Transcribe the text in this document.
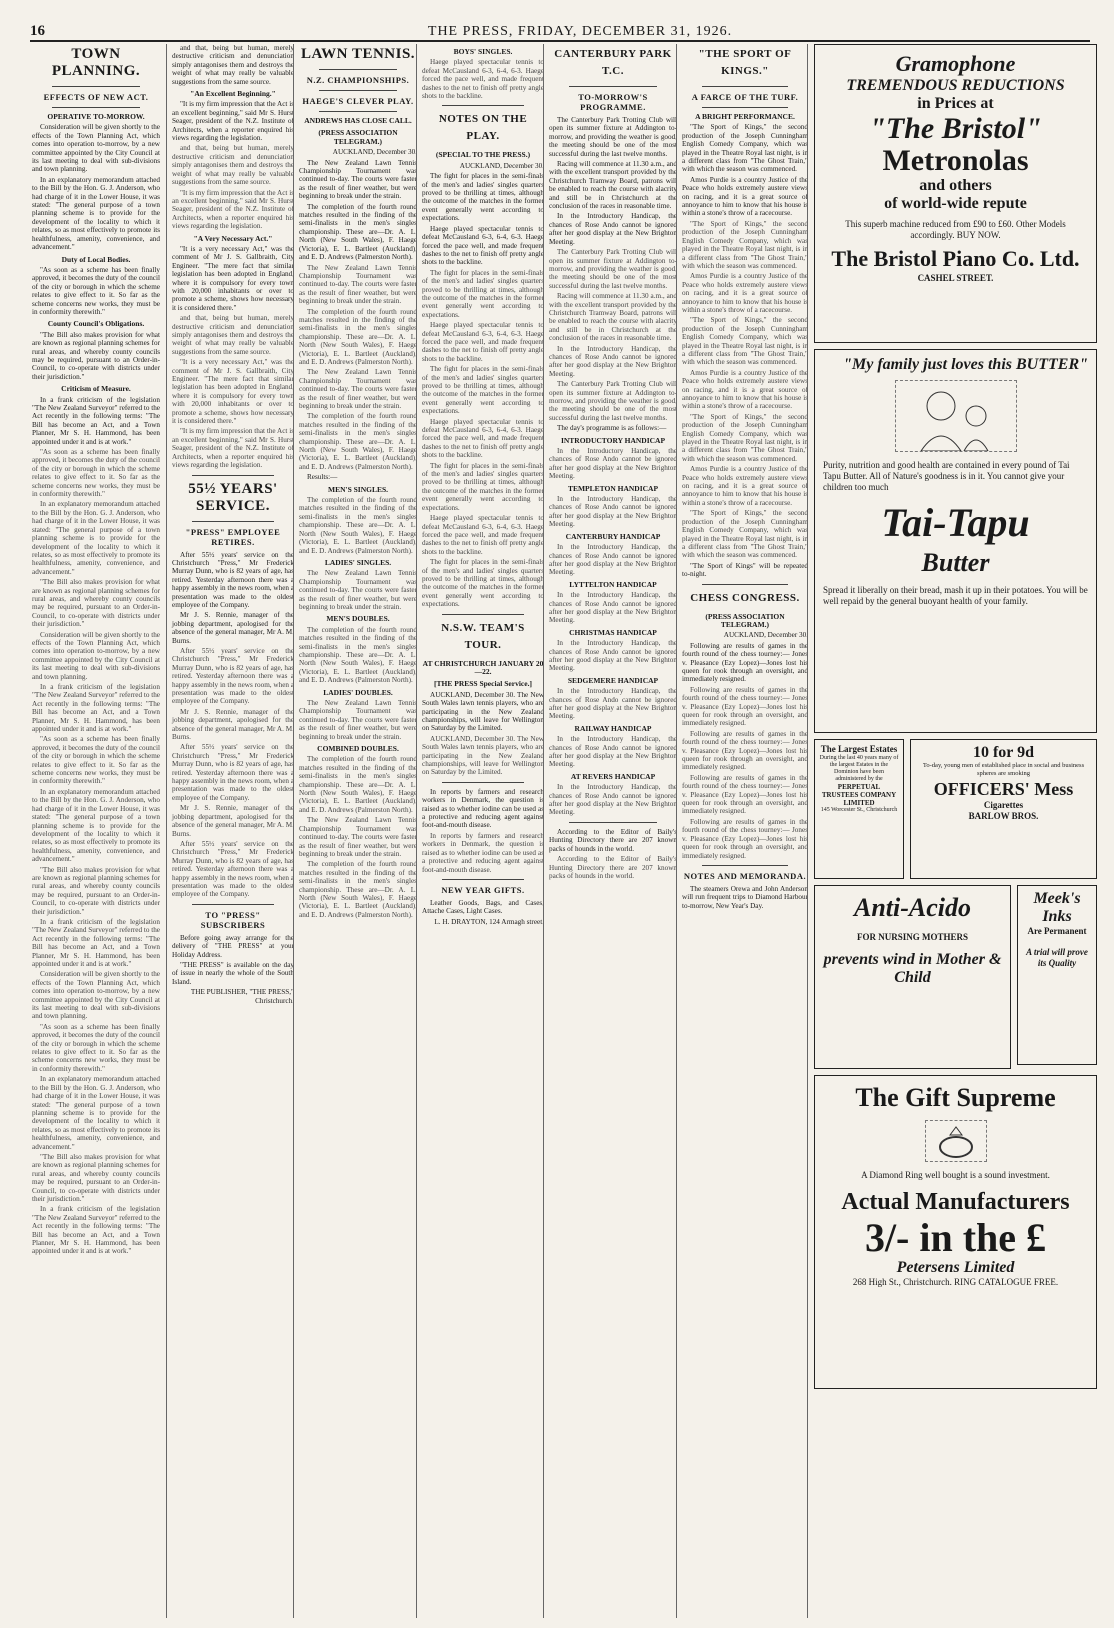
16	THE PRESS, FRIDAY, DECEMBER 31, 1926.
TOWN PLANNING.
EFFECTS OF NEW ACT.
OPERATIVE TO-MORROW.

Consideration will be given shortly to the effects of the Town Planning Act, which comes into operation to-morrow, by a new committee appointed by the City Council at its last meeting to deal with sub-divisions and town planning.

In an explanatory memorandum attached to the Bill by the Hon. G. J. Anderson, who had charge of it in the Lower House, it was stated: "The general purpose of a town planning scheme is to provide for the development of the locality to which it relates, so as most effectively to promote its healthfulness, amenity, convenience, and advancement."

Duty of Local Bodies.

"As soon as a scheme has been finally approved, it becomes the duty of the council of the city or borough in which the scheme relates to give effect to it. So far as the scheme concerns new works, they must be in conformity therewith."

County Council's Obligations.

"The Bill also makes provision for what are known as regional planning schemes for rural areas, and whereby county councils may be required, pursuant to an Order-in-Council, to co-operate with districts under their jurisdiction."

Criticism of Measure.

In a frank criticism of the legislation "The New Zealand Surveyor" referred to the Act recently in the following terms: "The Bill has become an Act, and a Town Planner, Mr S. H. Hammond, has been appointed under it and is at work."

"As soon as a scheme has been finally approved, it becomes the duty of the council of the city or borough in which the scheme relates to give effect to it. So far as the scheme concerns new works, they must be in conformity therewith."

In an explanatory memorandum attached to the Bill by the Hon. G. J. Anderson, who had charge of it in the Lower House, it was stated: "The general purpose of a town planning scheme is to provide for the development of the locality to which it relates, so as most effectively to promote its healthfulness, amenity, convenience, and advancement."

"The Bill also makes provision for what are known as regional planning schemes for rural areas, and whereby county councils may be required, pursuant to an Order-in-Council, to co-operate with districts under their jurisdiction."

Consideration will be given shortly to the effects of the Town Planning Act, which comes into operation to-morrow, by a new committee appointed by the City Council at its last meeting to deal with sub-divisions and town planning.

In a frank criticism of the legislation "The New Zealand Surveyor" referred to the Act recently in the following terms: "The Bill has become an Act, and a Town Planner, Mr S. H. Hammond, has been appointed under it and is at work."

"As soon as a scheme has been finally approved, it becomes the duty of the council of the city or borough in which the scheme relates to give effect to it. So far as the scheme concerns new works, they must be in conformity therewith."

In an explanatory memorandum attached to the Bill by the Hon. G. J. Anderson, who had charge of it in the Lower House, it was stated: "The general purpose of a town planning scheme is to provide for the development of the locality to which it relates, so as most effectively to promote its healthfulness, amenity, convenience, and advancement."

"The Bill also makes provision for what are known as regional planning schemes for rural areas, and whereby county councils may be required, pursuant to an Order-in-Council, to co-operate with districts under their jurisdiction."

In a frank criticism of the legislation "The New Zealand Surveyor" referred to the Act recently in the following terms: "The Bill has become an Act, and a Town Planner, Mr S. H. Hammond, has been appointed under it and is at work."

Consideration will be given shortly to the effects of the Town Planning Act, which comes into operation to-morrow, by a new committee appointed by the City Council at its last meeting to deal with sub-divisions and town planning.

"As soon as a scheme has been finally approved, it becomes the duty of the council of the city or borough in which the scheme relates to give effect to it. So far as the scheme concerns new works, they must be in conformity therewith."

In an explanatory memorandum attached to the Bill by the Hon. G. J. Anderson, who had charge of it in the Lower House, it was stated: "The general purpose of a town planning scheme is to provide for the development of the locality to which it relates, so as most effectively to promote its healthfulness, amenity, convenience, and advancement."

"The Bill also makes provision for what are known as regional planning schemes for rural areas, and whereby county councils may be required, pursuant to an Order-in-Council, to co-operate with districts under their jurisdiction."

In a frank criticism of the legislation "The New Zealand Surveyor" referred to the Act recently in the following terms: "The Bill has become an Act, and a Town Planner, Mr S. H. Hammond, has been appointed under it and is at work."

and that, being but human, merely destructive criticism and denunciation simply antagonises them and destroys the weight of what may really be valuable suggestions from the same source.

"An Excellent Beginning."

"It is my firm impression that the Act is an excellent beginning," said Mr S. Hurst Seager, president of the N.Z. Institute of Architects, when a reporter enquired his views regarding the legislation.

and that, being but human, merely destructive criticism and denunciation simply antagonises them and destroys the weight of what may really be valuable suggestions from the same source.

"It is my firm impression that the Act is an excellent beginning," said Mr S. Hurst Seager, president of the N.Z. Institute of Architects, when a reporter enquired his views regarding the legislation.

"A Very Necessary Act."

"It is a very necessary Act," was the comment of Mr J. S. Gallbraith, City Engineer. "The mere fact that similar legislation has been adopted in England, where it is compulsory for every town with 20,000 inhabitants or over to promote a scheme, shows how necessary it is considered there."

and that, being but human, merely destructive criticism and denunciation simply antagonises them and destroys the weight of what may really be valuable suggestions from the same source.

"It is a very necessary Act," was the comment of Mr J. S. Gallbraith, City Engineer. "The mere fact that similar legislation has been adopted in England, where it is compulsory for every town with 20,000 inhabitants or over to promote a scheme, shows how necessary it is considered there."

"It is my firm impression that the Act is an excellent beginning," said Mr S. Hurst Seager, president of the N.Z. Institute of Architects, when a reporter enquired his views regarding the legislation.

55½ YEARS' SERVICE.
"PRESS" EMPLOYEE RETIRES.

After 55½ years' service on the Christchurch "Press," Mr Frederick Murray Dunn, who is 82 years of age, has retired. Yesterday afternoon there was a happy assembly in the news room, when a presentation was made to the oldest employee of the Company.

Mr J. S. Rennie, manager of the jobbing department, apologised for the absence of the general manager, Mr A. M. Burns.

After 55½ years' service on the Christchurch "Press," Mr Frederick Murray Dunn, who is 82 years of age, has retired. Yesterday afternoon there was a happy assembly in the news room, when a presentation was made to the oldest employee of the Company.

Mr J. S. Rennie, manager of the jobbing department, apologised for the absence of the general manager, Mr A. M. Burns.

After 55½ years' service on the Christchurch "Press," Mr Frederick Murray Dunn, who is 82 years of age, has retired. Yesterday afternoon there was a happy assembly in the news room, when a presentation was made to the oldest employee of the Company.

Mr J. S. Rennie, manager of the jobbing department, apologised for the absence of the general manager, Mr A. M. Burns.

After 55½ years' service on the Christchurch "Press," Mr Frederick Murray Dunn, who is 82 years of age, has retired. Yesterday afternoon there was a happy assembly in the news room, when a presentation was made to the oldest employee of the Company.

TO "PRESS" SUBSCRIBERS

Before going away arrange for the delivery of "THE PRESS" at your Holiday Address.

"THE PRESS" is available on the day of issue in nearly the whole of the South Island.

THE PUBLISHER, "THE PRESS," Christchurch.

LAWN TENNIS.
N.Z. CHAMPIONSHIPS.
HAEGE'S CLEVER PLAY.
ANDREWS HAS CLOSE CALL.
(PRESS ASSOCIATION TELEGRAM.)

AUCKLAND, December 30.

The New Zealand Lawn Tennis Championship Tournament was continued to-day. The courts were faster as the result of finer weather, but were beginning to break under the strain.

The completion of the fourth round matches resulted in the finding of the semi-finalists in the men's singles championship. These are—Dr. A. L. North (New South Wales), F. Haege (Victoria), E. L. Bartleet (Auckland), and E. D. Andrews (Palmerston North).

The New Zealand Lawn Tennis Championship Tournament was continued to-day. The courts were faster as the result of finer weather, but were beginning to break under the strain.

The completion of the fourth round matches resulted in the finding of the semi-finalists in the men's singles championship. These are—Dr. A. L. North (New South Wales), F. Haege (Victoria), E. L. Bartleet (Auckland), and E. D. Andrews (Palmerston North).

The New Zealand Lawn Tennis Championship Tournament was continued to-day. The courts were faster as the result of finer weather, but were beginning to break under the strain.

The completion of the fourth round matches resulted in the finding of the semi-finalists in the men's singles championship. These are—Dr. A. L. North (New South Wales), F. Haege (Victoria), E. L. Bartleet (Auckland), and E. D. Andrews (Palmerston North).

Results:—

MEN'S SINGLES.

The completion of the fourth round matches resulted in the finding of the semi-finalists in the men's singles championship. These are—Dr. A. L. North (New South Wales), F. Haege (Victoria), E. L. Bartleet (Auckland), and E. D. Andrews (Palmerston North).

LADIES' SINGLES.

The New Zealand Lawn Tennis Championship Tournament was continued to-day. The courts were faster as the result of finer weather, but were beginning to break under the strain.

MEN'S DOUBLES.

The completion of the fourth round matches resulted in the finding of the semi-finalists in the men's singles championship. These are—Dr. A. L. North (New South Wales), F. Haege (Victoria), E. L. Bartleet (Auckland), and E. D. Andrews (Palmerston North).

LADIES' DOUBLES.

The New Zealand Lawn Tennis Championship Tournament was continued to-day. The courts were faster as the result of finer weather, but were beginning to break under the strain.

COMBINED DOUBLES.

The completion of the fourth round matches resulted in the finding of the semi-finalists in the men's singles championship. These are—Dr. A. L. North (New South Wales), F. Haege (Victoria), E. L. Bartleet (Auckland), and E. D. Andrews (Palmerston North).

The New Zealand Lawn Tennis Championship Tournament was continued to-day. The courts were faster as the result of finer weather, but were beginning to break under the strain.

The completion of the fourth round matches resulted in the finding of the semi-finalists in the men's singles championship. These are—Dr. A. L. North (New South Wales), F. Haege (Victoria), E. L. Bartleet (Auckland), and E. D. Andrews (Palmerston North).

BOYS' SINGLES.

Haege played spectacular tennis to defeat McCausland 6-3, 6-4, 6-3. Haege forced the pace well, and made frequent dashes to the net to finish off pretty angle shots to the backline.

NOTES ON THE PLAY.
(SPECIAL TO THE PRESS.)

AUCKLAND, December 30.

The fight for places in the semi-finals of the men's and ladies' singles quarters proved to be thrilling at times, although the outcome of the matches in the former event generally went according to expectations.

Haege played spectacular tennis to defeat McCausland 6-3, 6-4, 6-3. Haege forced the pace well, and made frequent dashes to the net to finish off pretty angle shots to the backline.

The fight for places in the semi-finals of the men's and ladies' singles quarters proved to be thrilling at times, although the outcome of the matches in the former event generally went according to expectations.

Haege played spectacular tennis to defeat McCausland 6-3, 6-4, 6-3. Haege forced the pace well, and made frequent dashes to the net to finish off pretty angle shots to the backline.

The fight for places in the semi-finals of the men's and ladies' singles quarters proved to be thrilling at times, although the outcome of the matches in the former event generally went according to expectations.

Haege played spectacular tennis to defeat McCausland 6-3, 6-4, 6-3. Haege forced the pace well, and made frequent dashes to the net to finish off pretty angle shots to the backline.

The fight for places in the semi-finals of the men's and ladies' singles quarters proved to be thrilling at times, although the outcome of the matches in the former event generally went according to expectations.

Haege played spectacular tennis to defeat McCausland 6-3, 6-4, 6-3. Haege forced the pace well, and made frequent dashes to the net to finish off pretty angle shots to the backline.

The fight for places in the semi-finals of the men's and ladies' singles quarters proved to be thrilling at times, although the outcome of the matches in the former event generally went according to expectations.

N.S.W. TEAM'S TOUR.
AT CHRISTCHURCH JANUARY 20—22.
[THE PRESS Special Service.]

AUCKLAND, December 30. The New South Wales lawn tennis players, who are participating in the New Zealand championships, will leave for Wellington on Saturday by the Limited.

AUCKLAND, December 30. The New South Wales lawn tennis players, who are participating in the New Zealand championships, will leave for Wellington on Saturday by the Limited.

In reports by farmers and research workers in Denmark, the question is raised as to whether iodine can be used as a protective and reducing agent against foot-and-mouth disease.

In reports by farmers and research workers in Denmark, the question is raised as to whether iodine can be used as a protective and reducing agent against foot-and-mouth disease.

NEW YEAR GIFTS.

Leather Goods, Bags, and Cases, Attache Cases, Light Cases.

L. H. DRAYTON, 124 Armagh street.

CANTERBURY PARK T.C.
TO-MORROW'S PROGRAMME.

The Canterbury Park Trotting Club will open its summer fixture at Addington to-morrow, and providing the weather is good, the meeting should be one of the most successful during the last twelve months.

Racing will commence at 11.30 a.m., and with the excellent transport provided by the Christchurch Tramway Board, patrons will be enabled to reach the course with alacrity and still be in Christchurch at the conclusion of the races in reasonable time.

In the Introductory Handicap, the chances of Rose Ando cannot be ignored after her good display at the New Brighton Meeting.

The Canterbury Park Trotting Club will open its summer fixture at Addington to-morrow, and providing the weather is good, the meeting should be one of the most successful during the last twelve months.

Racing will commence at 11.30 a.m., and with the excellent transport provided by the Christchurch Tramway Board, patrons will be enabled to reach the course with alacrity and still be in Christchurch at the conclusion of the races in reasonable time.

In the Introductory Handicap, the chances of Rose Ando cannot be ignored after her good display at the New Brighton Meeting.

The Canterbury Park Trotting Club will open its summer fixture at Addington to-morrow, and providing the weather is good, the meeting should be one of the most successful during the last twelve months.

The day's programme is as follows:—

INTRODUCTORY HANDICAP

In the Introductory Handicap, the chances of Rose Ando cannot be ignored after her good display at the New Brighton Meeting.

TEMPLETON HANDICAP

In the Introductory Handicap, the chances of Rose Ando cannot be ignored after her good display at the New Brighton Meeting.

CANTERBURY HANDICAP

In the Introductory Handicap, the chances of Rose Ando cannot be ignored after her good display at the New Brighton Meeting.

LYTTELTON HANDICAP

In the Introductory Handicap, the chances of Rose Ando cannot be ignored after her good display at the New Brighton Meeting.

CHRISTMAS HANDICAP

In the Introductory Handicap, the chances of Rose Ando cannot be ignored after her good display at the New Brighton Meeting.

SEDGEMERE HANDICAP

In the Introductory Handicap, the chances of Rose Ando cannot be ignored after her good display at the New Brighton Meeting.

RAILWAY HANDICAP

In the Introductory Handicap, the chances of Rose Ando cannot be ignored after her good display at the New Brighton Meeting.

AT REVERS HANDICAP

In the Introductory Handicap, the chances of Rose Ando cannot be ignored after her good display at the New Brighton Meeting.

According to the Editor of Baily's Hunting Directory there are 207 known packs of hounds in the world.

According to the Editor of Baily's Hunting Directory there are 207 known packs of hounds in the world.

"THE SPORT OF KINGS."
A FARCE OF THE TURF.
A BRIGHT PERFORMANCE.

"The Sport of Kings," the second production of the Joseph Cunningham English Comedy Company, which was played in the Theatre Royal last night, is in a different class from "The Ghost Train," with which the season was commenced.

Amos Purdie is a country Justice of the Peace who holds extremely austere views on racing, and it is a great source of annoyance to him to know that his house is within a stone's throw of a racecourse.

"The Sport of Kings," the second production of the Joseph Cunningham English Comedy Company, which was played in the Theatre Royal last night, is in a different class from "The Ghost Train," with which the season was commenced.

Amos Purdie is a country Justice of the Peace who holds extremely austere views on racing, and it is a great source of annoyance to him to know that his house is within a stone's throw of a racecourse.

"The Sport of Kings," the second production of the Joseph Cunningham English Comedy Company, which was played in the Theatre Royal last night, is in a different class from "The Ghost Train," with which the season was commenced.

Amos Purdie is a country Justice of the Peace who holds extremely austere views on racing, and it is a great source of annoyance to him to know that his house is within a stone's throw of a racecourse.

"The Sport of Kings," the second production of the Joseph Cunningham English Comedy Company, which was played in the Theatre Royal last night, is in a different class from "The Ghost Train," with which the season was commenced.

Amos Purdie is a country Justice of the Peace who holds extremely austere views on racing, and it is a great source of annoyance to him to know that his house is within a stone's throw of a racecourse.

"The Sport of Kings," the second production of the Joseph Cunningham English Comedy Company, which was played in the Theatre Royal last night, is in a different class from "The Ghost Train," with which the season was commenced.

"The Sport of Kings" will be repeated to-night.

CHESS CONGRESS.
(PRESS ASSOCIATION TELEGRAM.)

AUCKLAND, December 30.

Following are results of games in the fourth round of the chess tourney:— Jones v. Pleasance (Ezy Lopez)—Jones lost his queen for rook through an oversight, and immediately resigned.

Following are results of games in the fourth round of the chess tourney:— Jones v. Pleasance (Ezy Lopez)—Jones lost his queen for rook through an oversight, and immediately resigned.

Following are results of games in the fourth round of the chess tourney:— Jones v. Pleasance (Ezy Lopez)—Jones lost his queen for rook through an oversight, and immediately resigned.

Following are results of games in the fourth round of the chess tourney:— Jones v. Pleasance (Ezy Lopez)—Jones lost his queen for rook through an oversight, and immediately resigned.

Following are results of games in the fourth round of the chess tourney:— Jones v. Pleasance (Ezy Lopez)—Jones lost his queen for rook through an oversight, and immediately resigned.

NOTES AND MEMORANDA.

The steamers Orewa and John Anderson will run frequent trips to Diamond Harbour to-morrow, New Year's Day.

Gramophone
TREMENDOUS REDUCTIONS
in Prices at
"The Bristol"
Metronolas
and others
of world-wide repute
This superb machine reduced from £90 to £60. Other Models accordingly. BUY NOW.
The Bristol Piano Co. Ltd.
CASHEL STREET.
"My family just loves this BUTTER"
Purity, nutrition and good health are contained in every pound of Tai Tapu Butter. All of Nature's goodness is in it. You cannot give your children too much
Tai-Tapu
Butter
Spread it liberally on their bread, mash it up in their potatoes. You will be well repaid by the general buoyant health of your family.
The Largest Estates
During the last 40 years many of the largest Estates in the Dominion have been administered by the
PERPETUAL TRUSTEES COMPANY LIMITED
145 Worcester St., Christchurch
10 for 9d
To-day, young men of established place in social and business spheres are smoking
OFFICERS' Mess
Cigarettes
BARLOW BROS.
Anti-Acido
FOR NURSING MOTHERS
prevents wind in Mother & Child
Meek's Inks
Are Permanent
A trial will prove its Quality
The Gift Supreme
A Diamond Ring well bought is a sound investment.
Actual Manufacturers
3/- in the £
Petersens Limited
268 High St., Christchurch. RING CATALOGUE FREE.
